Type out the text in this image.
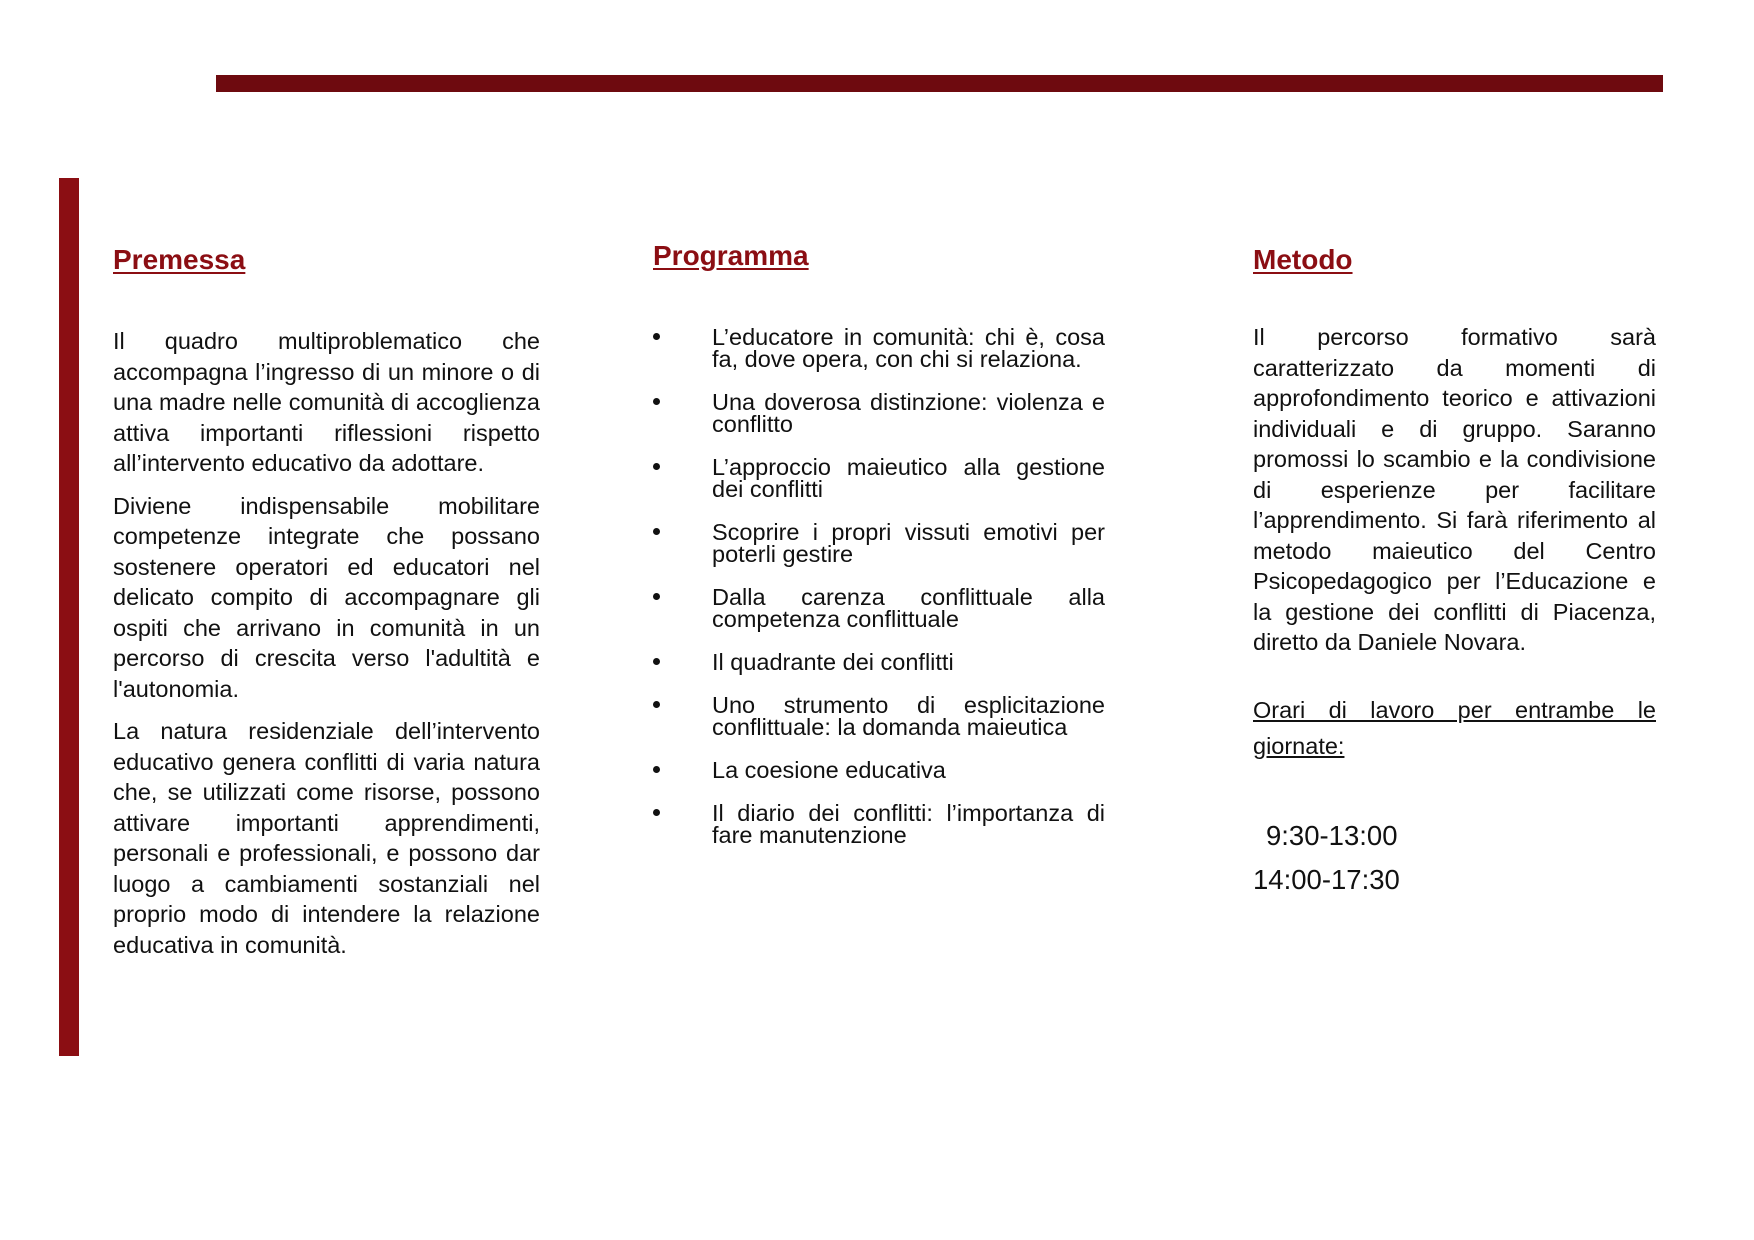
Premessa

Il quadro multiproblematico che accompagna l’ingresso di un minore o di una madre nelle comunità di accoglienza attiva importanti riflessioni rispetto all’intervento educativo da adottare.

Diviene indispensabile mobilitare competenze integrate che possano sostenere operatori ed educatori nel delicato compito di accompagnare gli ospiti che arrivano in comunità in un percorso di crescita verso l'adultità e l'autonomia.

La natura residenziale dell’intervento educativo genera conflitti di varia natura che, se utilizzati come risorse, possono attivare importanti apprendimenti, personali e professionali, e possono dar luogo a cambiamenti sostanziali nel proprio modo di intendere la relazione educativa in comunità.

Programma
L’educatore in comunità: chi è, cosa fa, dove opera, con chi si relaziona.
Una doverosa distinzione: violenza e conflitto
L’approccio maieutico alla gestione dei conflitti
Scoprire i propri vissuti emotivi per poterli gestire
Dalla carenza conflittuale alla competenza conflittuale
Il quadrante dei conflitti
Uno strumento di esplicitazione conflittuale: la domanda maieutica
La coesione educativa
Il diario dei conflitti: l’importanza di fare manutenzione
Metodo

Il percorso formativo sarà caratterizzato da momenti di approfondimento teorico e attivazioni individuali e di gruppo. Saranno promossi lo scambio e la condivisione di esperienze per facilitare l’apprendimento. Si farà riferimento al metodo maieutico del Centro Psicopedagogico per l’Educazione e la gestione dei conflitti di Piacenza, diretto da Daniele Novara.

Orari di lavoro per entrambe le giornate:
9:30-13:00
14:00-17:30
